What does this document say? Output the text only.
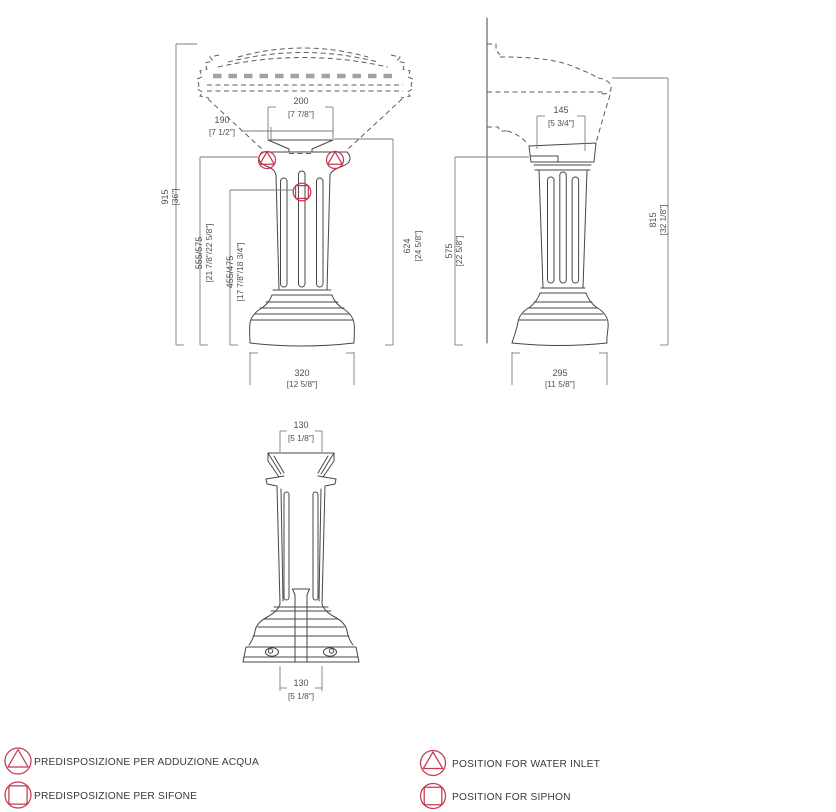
915 [36"]
555/575 [21 7/8"/22 5/8"] 455/475 [17 7/8"/18 3/4"]	624 [24 5/8"]
200
[7 7/8"]
190
[7 1/2"]
320
[12 5/8"]
815 [32 1/8"]
575 [22 5/8"]
145
[5 3/4"]
295
[11 5/8"]
130
[5 1/8"]
130
[5 1/8"]
PREDISPOSIZIONE PER ADDUZIONE ACQUA
PREDISPOSIZIONE PER SIFONE
POSITION FOR WATER INLET
POSITION FOR SIPHON
